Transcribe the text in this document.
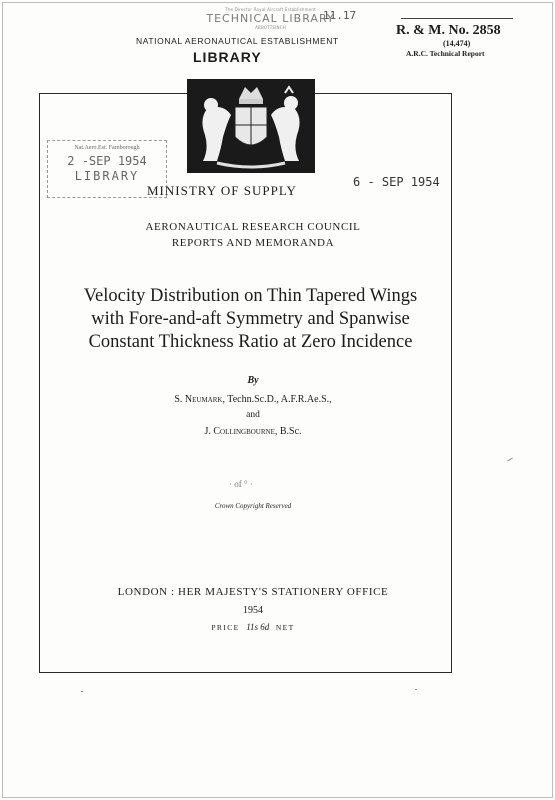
The Director Royal Aircraft Establishment
TECHNICAL LIBRARY
ABBOTTSINCH
11.17
NATIONAL AERONAUTICAL ESTABLISHMENT
LIBRARY
R. & M. No. 2858
(14,474)
A.R.C. Technical Report
Nat.Aero.Est. Farnborough
2 -SEP 1954
LIBRARY
MINISTRY OF SUPPLY
6 - SEP 1954
AERONAUTICAL RESEARCH COUNCIL
REPORTS AND MEMORANDA
Velocity Distribution on Thin Tapered Wings
with Fore-and-aft Symmetry and Spanwise
Constant Thickness Ratio at Zero Incidence
By
S. Neumark, Techn.Sc.D., A.F.R.Ae.S.,
and
J. Collingbourne, B.Sc.
· of ° ·
Crown Copyright Reserved
LONDON : HER MAJESTY'S STATIONERY OFFICE
1954
PRICE 11s 6d NET
